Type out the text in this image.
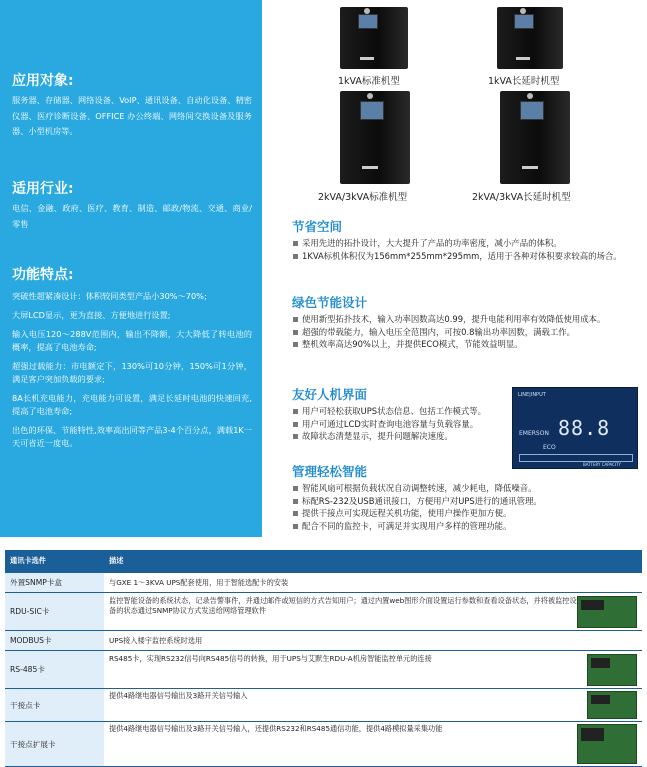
应用对象:
服务器、存储器、网络设备、VoIP、通讯设备、自动化设备、精密仪器、医疗诊断设备、OFFICE 办公终端、网络间交换设备及服务器、小型机房等。
适用行业:
电信、金融、政府、医疗、教育、制造、邮政/物流、交通、商业/零售
功能特点:
突破性超紧凑设计：体积较同类型产品小30%～70%;
大屏LCD显示，更为直接、方便地进行设置;
输入电压120～288V范围内，输出不降额，大大降低了转电池的概率，提高了电池寿命;
超强过载能力：市电额定下，130%可10分钟，150%可1分钟，满足客户突加负载的要求;
8A长机充电能力，充电能力可设置，满足长延时电池的快速回充,提高了电池寿命;
出色的环保、节能特性,效率高出同等产品3-4个百分点，满载1K一天可省近一度电。
1kVA标准机型	1kVA长延时机型
2kVA/3kVA标准机型	2kVA/3kVA长延时机型
节省空间
采用先进的拓扑设计，大大提升了产品的功率密度，减小产品的体积。
1KVA标机体积仅为156mm*255mm*295mm，适用于各种对体积要求较高的场合。
绿色节能设计
使用新型拓扑技术，输入功率因数高达0.99，提升电能利用率有效降低使用成本。
超强的带载能力，输入电压全范围内，可按0.8输出功率因数，满载工作。
整机效率高达90%以上，并提供ECO模式，节能效益明显。
友好人机界面
用户可轻松获取UPS状态信息、包括工作模式等。
用户可通过LCD实时查询电池容量与负载容量。
故障状态清楚显示，提升问题解决速度。
LINE|INPUT
EMERSON
ECO
88.8
BATTERY CAPACITY
管理轻松智能
智能风扇可根据负载状况自动调整转速，减少耗电，降低噪音。
标配RS-232及USB通讯接口，方便用户对UPS进行的通讯管理。
提供干接点可实现远程关机功能，使用户操作更加方便。
配合不同的监控卡，可满足并实现用户多样的管理功能。
通讯卡选件	描述
外置SNMP卡盒	与GXE 1～3KVA UPS配套使用，用于智能选配卡的安装
RDU-SIC卡	监控智能设备的系统状态，记录告警事件，并通过邮件或短信的方式告知用户；通过内置web图形介面设置运行参数和查看设备状态，并将被监控设备的状态通过SNMP协议方式发送给网络管理软件
MODBUS卡	UPS接入楼宇监控系统时选用
RS-485卡	RS485卡，实现RS232信号向RS485信号的转换，用于UPS与艾默生RDU-A机房智能监控单元的连接
干接点卡	提供4路继电器信号输出及3路开关信号输入
干接点扩展卡	提供4路继电器信号输出及3路开关信号输入，还提供RS232和RS485通信功能，提供4路模拟量采集功能
